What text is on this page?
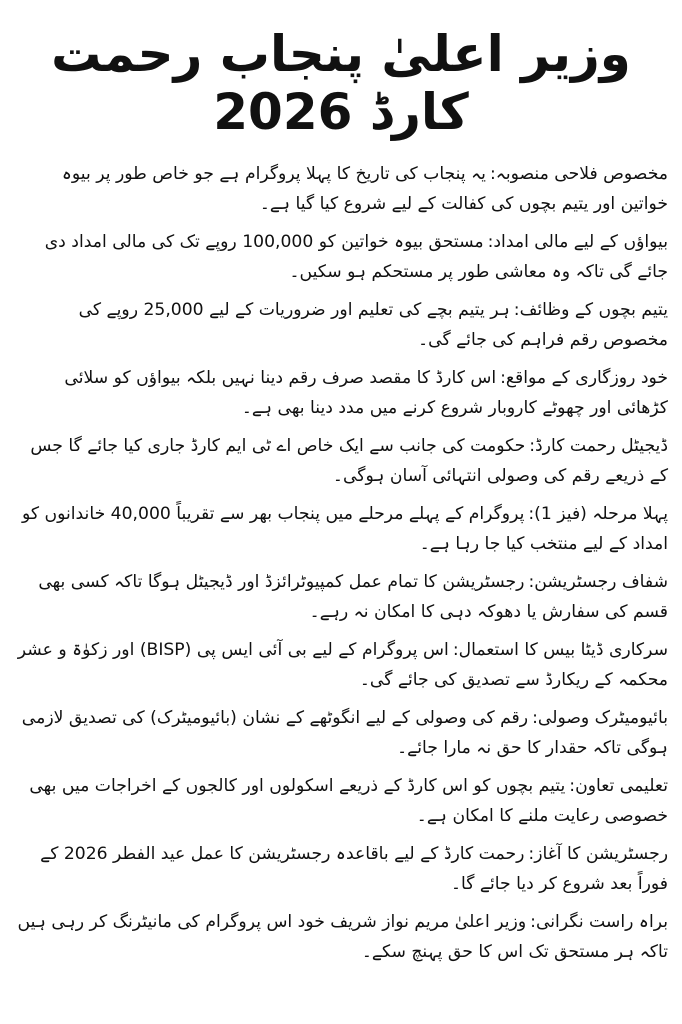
وزیر اعلیٰ پنجاب رحمت کارڈ 2026

مخصوص فلاحی منصوبہ:یہ پنجاب کی تاریخ کا پہلا پروگرام ہے جو خاص طور پر بیوہ خواتین اور یتیم بچوں کی کفالت کے لیے شروع کیا گیا ہے۔

بیواؤں کے لیے مالی امداد:مستحق بیوہ خواتین کو 100,000 روپے تک کی مالی امداد دی جائے گی تاکہ وہ معاشی طور پر مستحکم ہو سکیں۔

یتیم بچوں کے وظائف:ہر یتیم بچے کی تعلیم اور ضروریات کے لیے 25,000 روپے کی مخصوص رقم فراہم کی جائے گی۔

خود روزگاری کے مواقع:اس کارڈ کا مقصد صرف رقم دینا نہیں بلکہ بیواؤں کو سلائی کڑھائی اور چھوٹے کاروبار شروع کرنے میں مدد دینا بھی ہے۔

ڈیجیٹل رحمت کارڈ:حکومت کی جانب سے ایک خاص اے ٹی ایم کارڈ جاری کیا جائے گا جس کے ذریعے رقم کی وصولی انتہائی آسان ہوگی۔

پہلا مرحلہ (فیز 1):پروگرام کے پہلے مرحلے میں پنجاب بھر سے تقریباً 40,000 خاندانوں کو امداد کے لیے منتخب کیا جا رہا ہے۔

شفاف رجسٹریشن:رجسٹریشن کا تمام عمل کمپیوٹرائزڈ اور ڈیجیٹل ہوگا تاکہ کسی بھی قسم کی سفارش یا دھوکہ دہی کا امکان نہ رہے۔

سرکاری ڈیٹا بیس کا استعمال:اس پروگرام کے لیے بی آئی ایس پی (BISP) اور زکوٰۃ و عشر محکمہ کے ریکارڈ سے تصدیق کی جائے گی۔

بائیومیٹرک وصولی:رقم کی وصولی کے لیے انگوٹھے کے نشان (بائیومیٹرک) کی تصدیق لازمی ہوگی تاکہ حقدار کا حق نہ مارا جائے۔

تعلیمی تعاون:یتیم بچوں کو اس کارڈ کے ذریعے اسکولوں اور کالجوں کے اخراجات میں بھی خصوصی رعایت ملنے کا امکان ہے۔

رجسٹریشن کا آغاز:رحمت کارڈ کے لیے باقاعدہ رجسٹریشن کا عمل عید الفطر 2026 کے فوراً بعد شروع کر دیا جائے گا۔

براہ راست نگرانی:وزیر اعلیٰ مریم نواز شریف خود اس پروگرام کی مانیٹرنگ کر رہی ہیں تاکہ ہر مستحق تک اس کا حق پہنچ سکے۔
